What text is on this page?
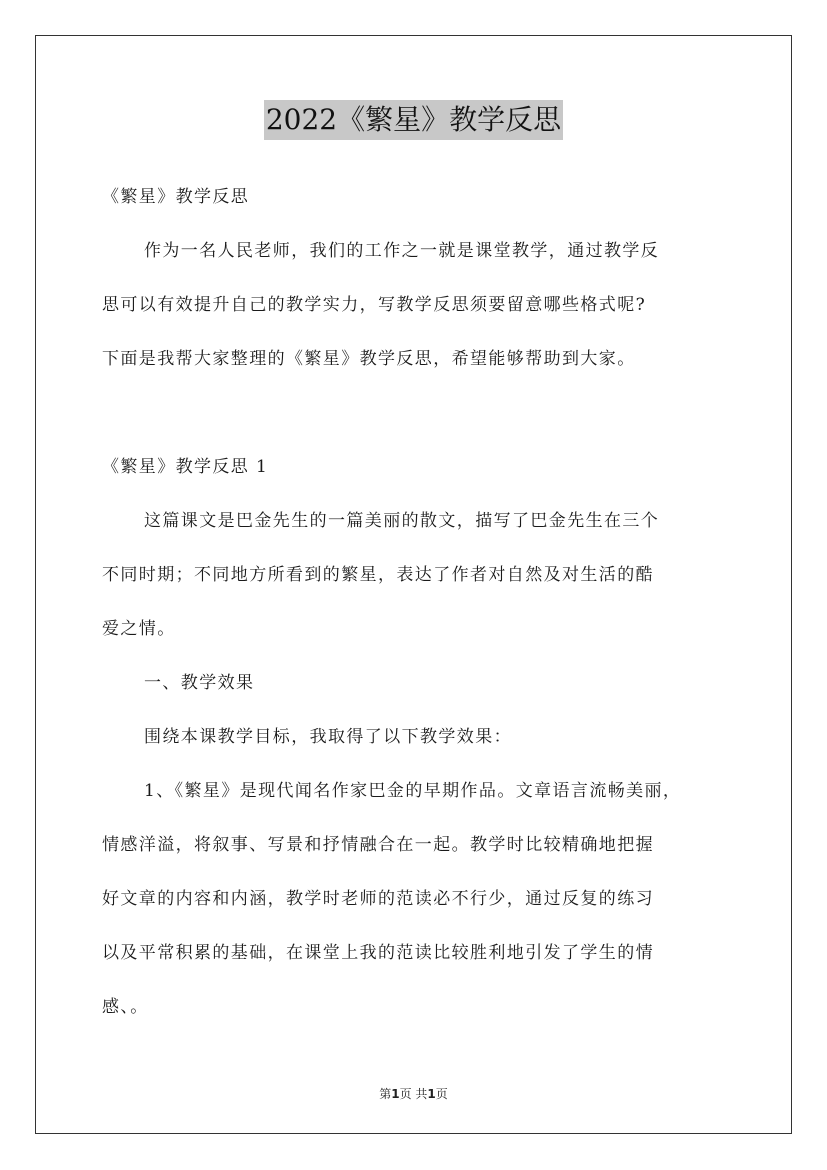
2022《繁星》教学反思
《繁星》教学反思
作为一名人民老师，我们的工作之一就是课堂教学，通过教学反
思可以有效提升自己的教学实力，写教学反思须要留意哪些格式呢?
下面是我帮大家整理的《繁星》教学反思，希望能够帮助到大家。
《繁星》教学反思 1
这篇课文是巴金先生的一篇美丽的散文，描写了巴金先生在三个
不同时期；不同地方所看到的繁星，表达了作者对自然及对生活的酷
爱之情。
一、教学效果
围绕本课教学目标，我取得了以下教学效果：
1、《繁星》是现代闻名作家巴金的早期作品。文章语言流畅美丽，
情感洋溢，将叙事、写景和抒情融合在一起。教学时比较精确地把握
好文章的内容和内涵，教学时老师的范读必不行少，通过反复的练习
以及平常积累的基础，在课堂上我的范读比较胜利地引发了学生的情
感、。
第1页 共1页
